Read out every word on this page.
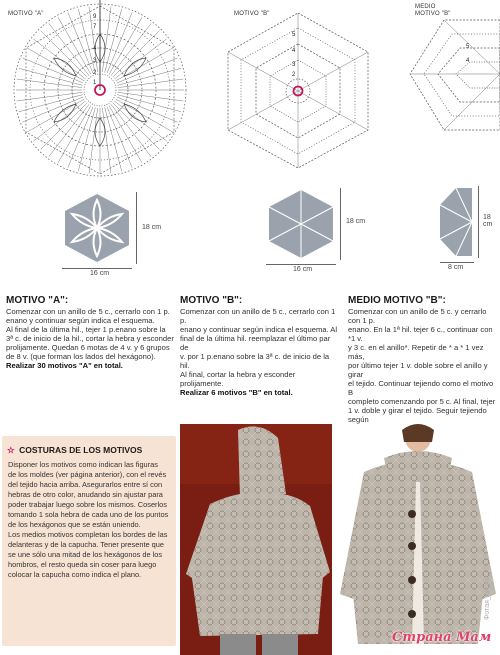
MOTIVO "A"	MOTIVO "B"
MEDIO
MOTIVO "B"
9
7
4
3
2
1
5
4
3
2
5
4
18 cm
16 cm
18 cm
16 cm
18 cm
8 cm
MOTIVO "A":
Comenzar con un anillo de 5 c., cerrarlo con 1 p.
enano y continuar según indica el esquema.
Al final de la última hil., tejer 1 p.enano sobre la
3ª c. de inicio de la hil., cortar la hebra y esconder
prolijamente. Quedan 6 motas de 4 v. y 6 grupos
de 8 v. (que forman los lados del hexágono).
Realizar 30 motivos "A" en total.
MOTIVO "B":
Comenzar con un anillo de 5 c., cerrarlo con 1 p.
enano y continuar según indica el esquema. Al
final de la última hil. reemplazar el último par de
v. por 1 p.enano sobre la 3ª c. de inicio de la hil.
Al final, cortar la hebra y esconder prolijamente.
Realizar 6 motivos "B" en total.
MEDIO MOTIVO "B":
Comenzar con un anillo de 5 c. y cerrarlo con 1 p.
enano. En la 1ª hil. tejer 6 c., continuar con *1 v.
y 3 c. en el anillo*. Repetir de * a * 1 vez más,
por último tejer 1 v. doble sobre el anillo y girar
el tejido. Continuar tejiendo como el motivo B
completo comenzando por 5 c. Al final, tejer
1 v. doble y girar el tejido. Seguir tejiendo según
☆ COSTURAS DE LOS MOTIVOS
Disponer los motivos como indican las figuras
de los moldes (ver página anterior), con el revés
del tejido hacia arriba. Asegurarlos entre sí con
hebras de otro color, anudando sin ajustar para
poder trabajar luego sobre los mismos. Coserlos
tomando 1 sola hebra de cada uno de los puntos
de los hexágonos que se están uniendo.
Los medios motivos completan los bordes de las
delanteras y de la capucha. Tener presente que
se une sólo una mitad de los hexágonos de los
hombros, el resto queda sin coser para luego
colocar la capucha como indica el plano.
Страна Мам
Фотая_лилия
